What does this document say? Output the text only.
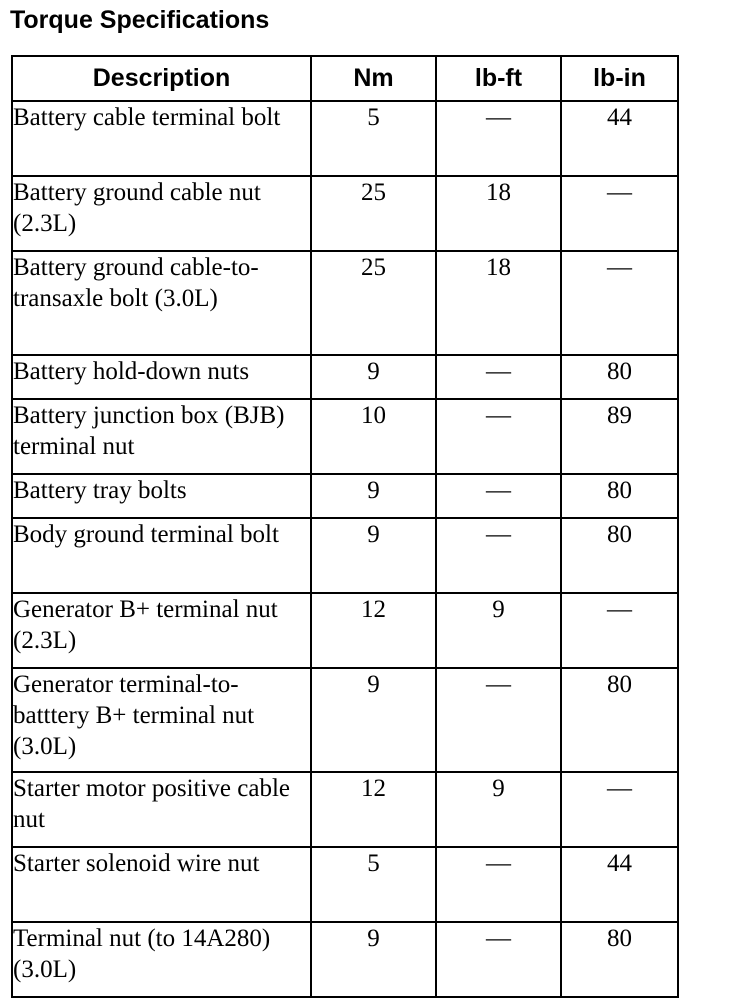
Torque Specifications
Description	Nm	lb-ft	lb-in
Battery cable terminal bolt	5	—	44
Battery ground cable nut (2.3L)	25	18	—
Battery ground cable-to-transaxle bolt (3.0L)	25	18	—
Battery hold-down nuts	9	—	80
Battery junction box (BJB) terminal nut	10	—	89
Battery tray bolts	9	—	80
Body ground terminal bolt	9	—	80
Generator B+ terminal nut (2.3L)	12	9	—
Generator terminal-to-batttery B+ terminal nut (3.0L)	9	—	80
Starter motor positive cable nut	12	9	—
Starter solenoid wire nut	5	—	44
Terminal nut (to 14A280) (3.0L)	9	—	80
